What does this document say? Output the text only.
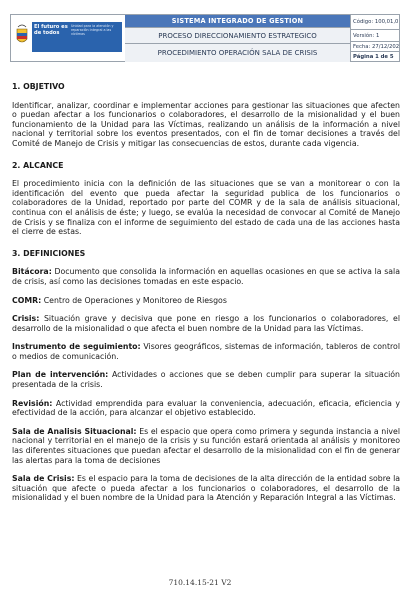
El futuro es de todos
Unidad para la atención y reparación integral a las víctimas
SISTEMA INTEGRADO DE GESTION
PROCESO DIRECCIONAMIENTO ESTRATEGICO
PROCEDIMIENTO OPERACIÓN SALA DE CRISIS
Código: 100,01,0
Versión: 1
Fecha: 27/12/202
Página 1 de 5
1. OBJETIVO

Identificar, analizar, coordinar e implementar acciones para gestionar las situaciones que afecten o puedan afectar a los funcionarios o colaboradores, el desarrollo de la misionalidad y el buen funcionamiento de la Unidad para las Víctimas, realizando un análisis de la información a nivel nacional y territorial sobre los eventos presentados, con el fin de tomar decisiones a través del Comité de Manejo de Crisis y mitigar las consecuencias de estos, durante cada vigencia.

2. ALCANCE

El procedimiento inicia con la definición de las situaciones que se van a monitorear o con la identificación del evento que pueda afectar la seguridad publica de los funcionarios o colaboradores de la Unidad, reportado por parte del COMR y de la sala de análisis situacional, continua con el análisis de éste; y luego, se evalúa la necesidad de convocar al Comité de Manejo de Crisis y se finaliza con el informe de seguimiento del estado de cada una de las acciones hasta el cierre de estas.

3. DEFINICIONES

Bitácora: Documento que consolida la información en aquellas ocasiones en que se activa la sala de crisis, así como las decisiones tomadas en este espacio.

COMR: Centro de Operaciones y Monitoreo de Riesgos

Crisis: Situación grave y decisiva que pone en riesgo a los funcionarios o colaboradores, el desarrollo de la misionalidad o que afecta el buen nombre de la Unidad para las Víctimas.

Instrumento de seguimiento: Visores geográficos, sistemas de información, tableros de control o medios de comunicación.

Plan de intervención: Actividades o acciones que se deben cumplir para superar la situación presentada de la crisis.

Revisión: Actividad emprendida para evaluar la conveniencia, adecuación, eficacia, eficiencia y efectividad de la acción, para alcanzar el objetivo establecido.

Sala de Analisis Situacional: Es el espacio que opera como primera y segunda instancia a nivel nacional y territorial en el manejo de la crisis y su función estará orientada al análisis y monitoreo las diferentes situaciones que puedan afectar el desarrollo de la misionalidad con el fin de generar las alertas para la toma de decisiones

Sala de Crisis: Es el espacio para la toma de decisiones de la alta dirección de la entidad sobre la situación que afecte o pueda afectar a los funcionarios o colaboradores, el desarrollo de la misionalidad y el buen nombre de la Unidad para la Atención y Reparación Integral a las Víctimas.

710.14.15-21 V2
